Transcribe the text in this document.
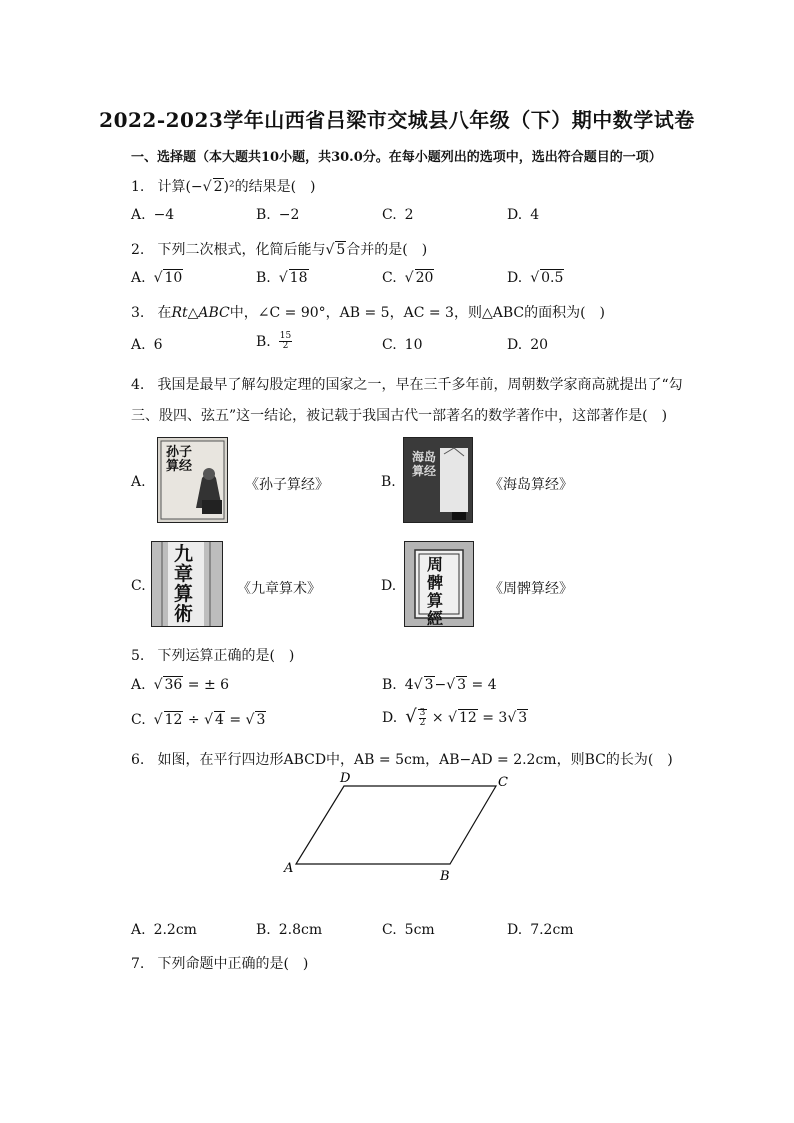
2022-2023学年山西省吕梁市交城县八年级（下）期中数学试卷
一、选择题（本大题共10小题，共30.0分。在每小题列出的选项中，选出符合题目的一项）
1. 计算(−√ 2)²的结果是(　)
A. −4	B. −2	C. 2	D. 4
2. 下列二次根式，化简后能与√ 5合并的是(　)
A. √ 10	B. √ 18	C. √ 20	D. √ 0.5
3. 在Rt△ABC中，∠C = 90°，AB = 5，AC = 3，则△ABC的面积为(　)
A. 6	B. $\frac{15}{2}$	C. 10	D. 20
4. 我国是最早了解勾股定理的国家之一，早在三千多年前，周朝数学家商高就提出了“勾
三、股四、弦五”这一结论，被记载于我国古代一部著名的数学著作中，这部著作是(　)
A.
孙子算经
《孙子算经》	B.
海岛算经
《海岛算经》
C.
九章算術
《九章算术》	D.
周髀算經
《周髀算经》
5. 下列运算正确的是(　)
A. √ 36 = ± 6	B. 4√ 3−√ 3 = 4
C. √ 12 ÷ √ 4 = √ 3	D. √ $\frac{3}{2}$ × √ 12 = 3√ 3
6. 如图，在平行四边形ABCD中，AB = 5cm，AB−AD = 2.2cm，则BC的长为(　)
A
B
C
D
A. 2.2cm	B. 2.8cm	C. 5cm	D. 7.2cm
7. 下列命题中正确的是(　)
